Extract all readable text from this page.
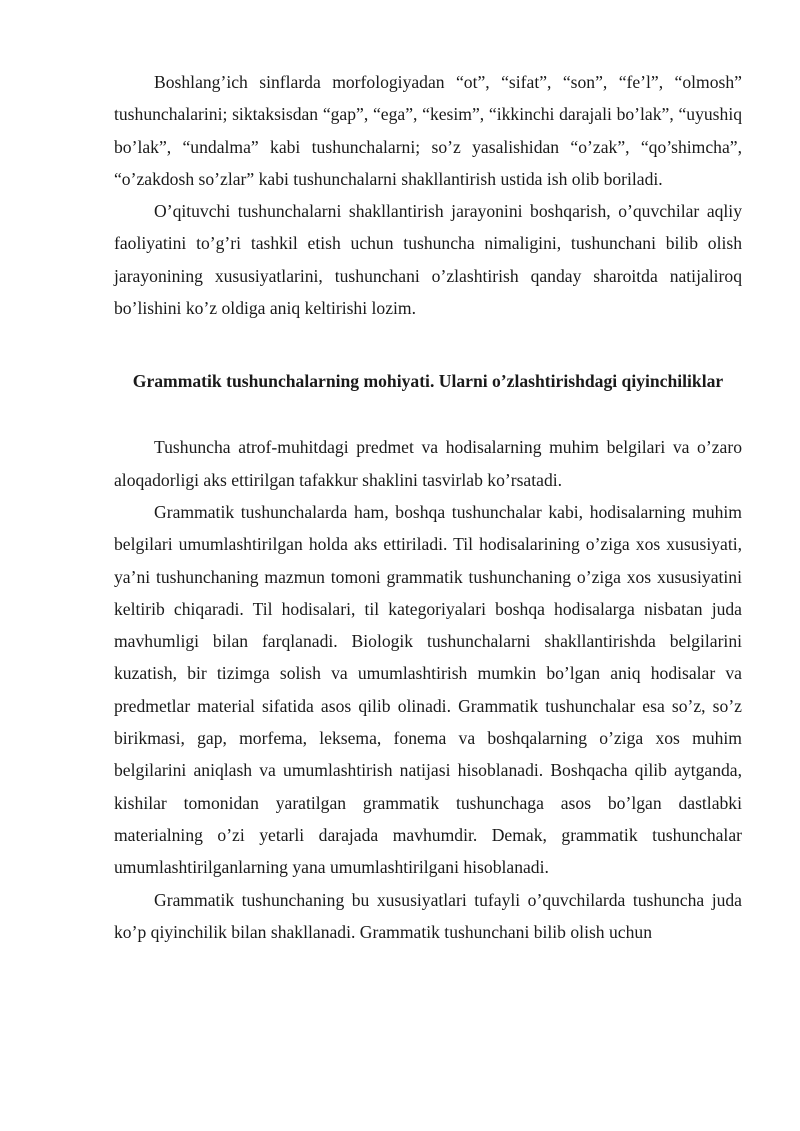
Boshlang’ich sinflarda morfologiyadan “ot”, “sifat”, “son”, “fe’l”, “olmosh” tushunchalarini; siktaksisdan “gap”, “ega”, “kesim”, “ikkinchi darajali bo’lak”, “uyushiq bo’lak”, “undalma” kabi tushunchalarni; so’z yasalishidan “o’zak”, “qo’shimcha”, “o’zakdosh so’zlar” kabi tushunchalarni shakllantirish ustida ish olib boriladi.

O’qituvchi tushunchalarni shakllantirish jarayonini boshqarish, o’quvchilar aqliy faoliyatini to’g’ri tashkil etish uchun tushuncha nimaligini, tushunchani bilib olish jarayonining xususiyatlarini, tushunchani o’zlashtirish qanday sharoitda natijaliroq bo’lishini ko’z oldiga aniq keltirishi lozim.

Grammatik tushunchalarning mohiyati. Ularni o’zlashtirishdagi qiyinchiliklar

Tushuncha atrof-muhitdagi predmet va hodisalarning muhim belgilari va o’zaro aloqadorligi aks ettirilgan tafakkur shaklini tasvirlab ko’rsatadi.

Grammatik tushunchalarda ham, boshqa tushunchalar kabi, hodisalarning muhim belgilari umumlashtirilgan holda aks ettiriladi. Til hodisalarining o’ziga xos xususiyati, ya’ni tushunchaning mazmun tomoni grammatik tushunchaning o’ziga xos xususiyatini keltirib chiqaradi. Til hodisalari, til kategoriyalari boshqa hodisalarga nisbatan juda mavhumligi bilan farqlanadi. Biologik tushunchalarni shakllantirishda belgilarini kuzatish, bir tizimga solish va umumlashtirish mumkin bo’lgan aniq hodisalar va predmetlar material sifatida asos qilib olinadi. Grammatik tushunchalar esa so’z, so’z birikmasi, gap, morfema, leksema, fonema va boshqalarning o’ziga xos muhim belgilarini aniqlash va umumlashtirish natijasi hisoblanadi. Boshqacha qilib aytganda, kishilar tomonidan yaratilgan grammatik tushunchaga asos bo’lgan dastlabki materialning o’zi yetarli darajada mavhumdir. Demak, grammatik tushunchalar umumlashtirilganlarning yana umumlashtirilgani hisoblanadi.

Grammatik tushunchaning bu xususiyatlari tufayli o’quvchilarda tushuncha juda ko’p qiyinchilik bilan shakllanadi. Grammatik tushunchani bilib olish uchun
